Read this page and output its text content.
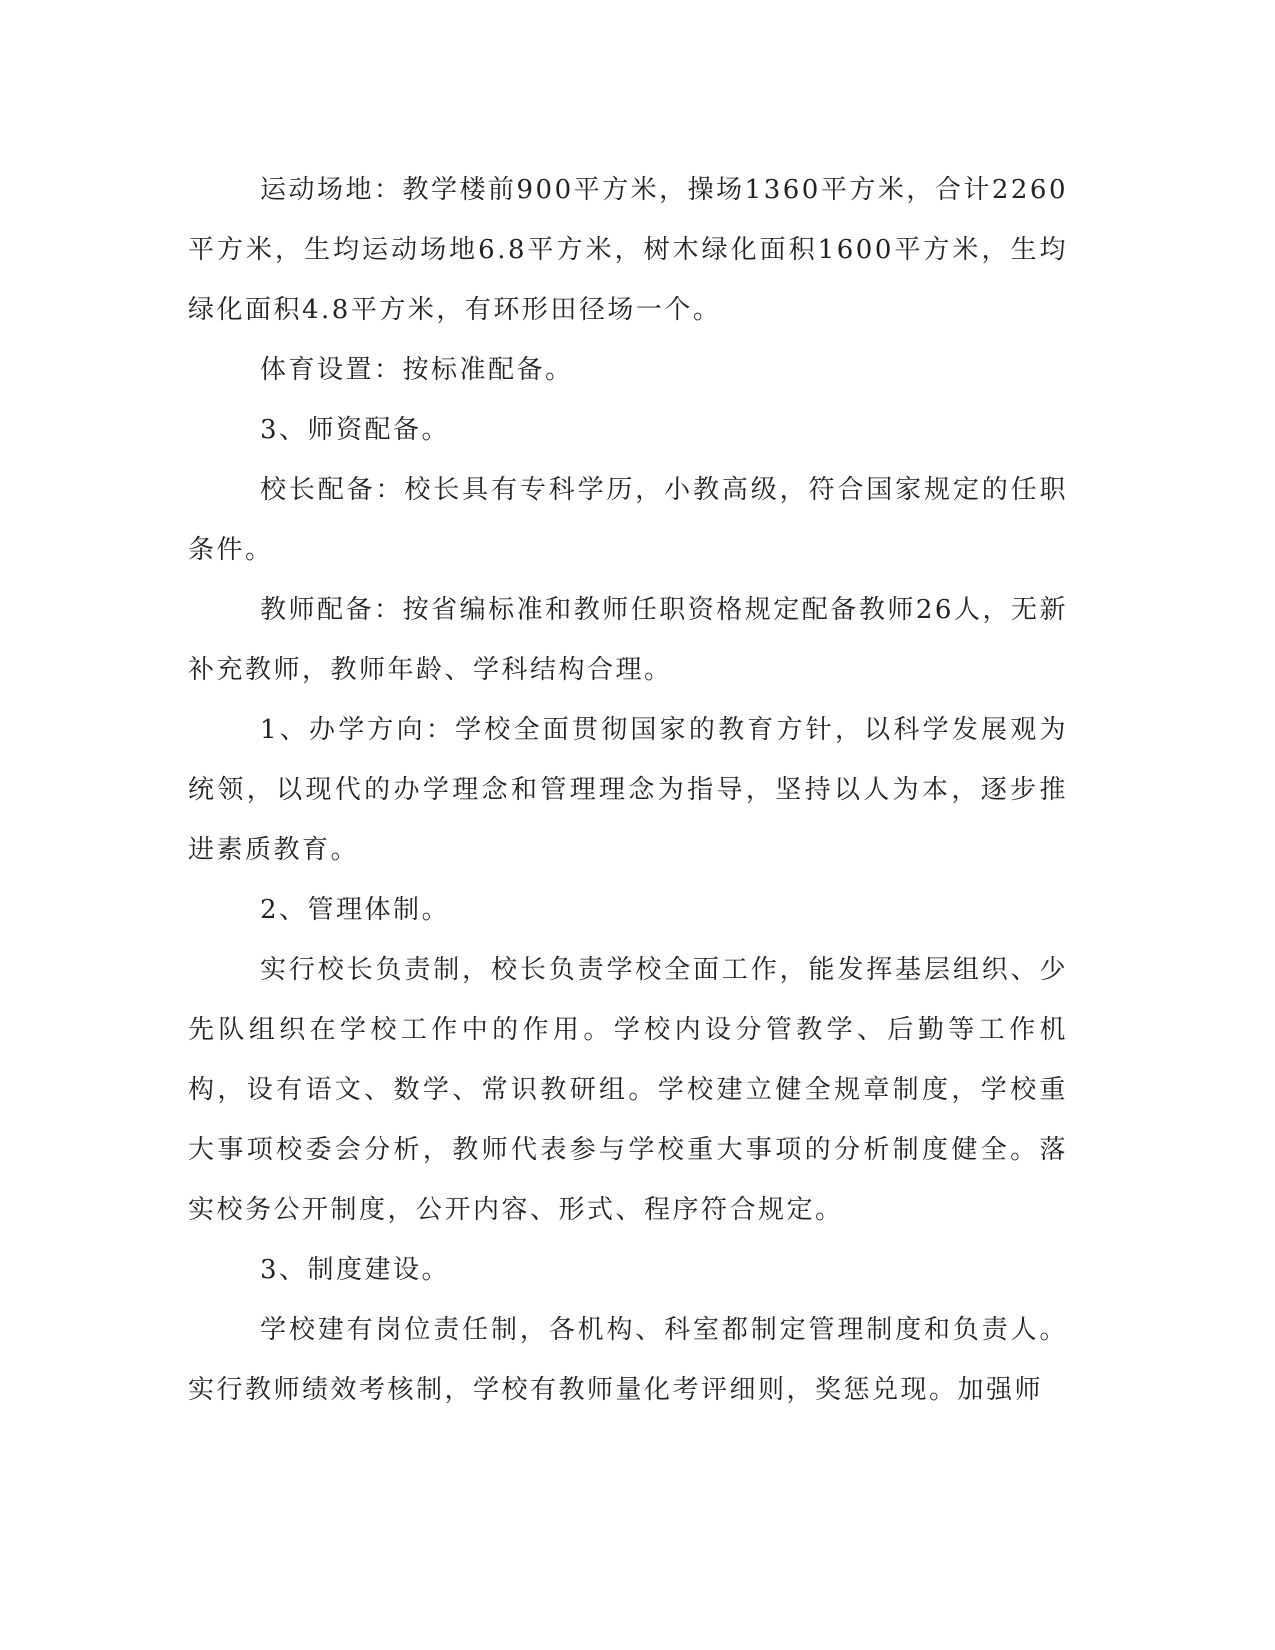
运动场地：教学楼前900平方米，操场1360平方米，合计2260平方米，生均运动场地6.8平方米，树木绿化面积1600平方米，生均绿化面积4.8平方米，有环形田径场一个。

体育设置：按标准配备。

3、师资配备。

校长配备：校长具有专科学历，小教高级，符合国家规定的任职条件。

教师配备：按省编标准和教师任职资格规定配备教师26人，无新补充教师，教师年龄、学科结构合理。

1、办学方向：学校全面贯彻国家的教育方针，以科学发展观为统领，以现代的办学理念和管理理念为指导，坚持以人为本，逐步推进素质教育。

2、管理体制。

实行校长负责制，校长负责学校全面工作，能发挥基层组织、少先队组织在学校工作中的作用。学校内设分管教学、后勤等工作机构，设有语文、数学、常识教研组。学校建立健全规章制度，学校重大事项校委会分析，教师代表参与学校重大事项的分析制度健全。落实校务公开制度，公开内容、形式、程序符合规定。

3、制度建设。

学校建有岗位责任制，各机构、科室都制定管理制度和负责人。实行教师绩效考核制，学校有教师量化考评细则，奖惩兑现。加强师
